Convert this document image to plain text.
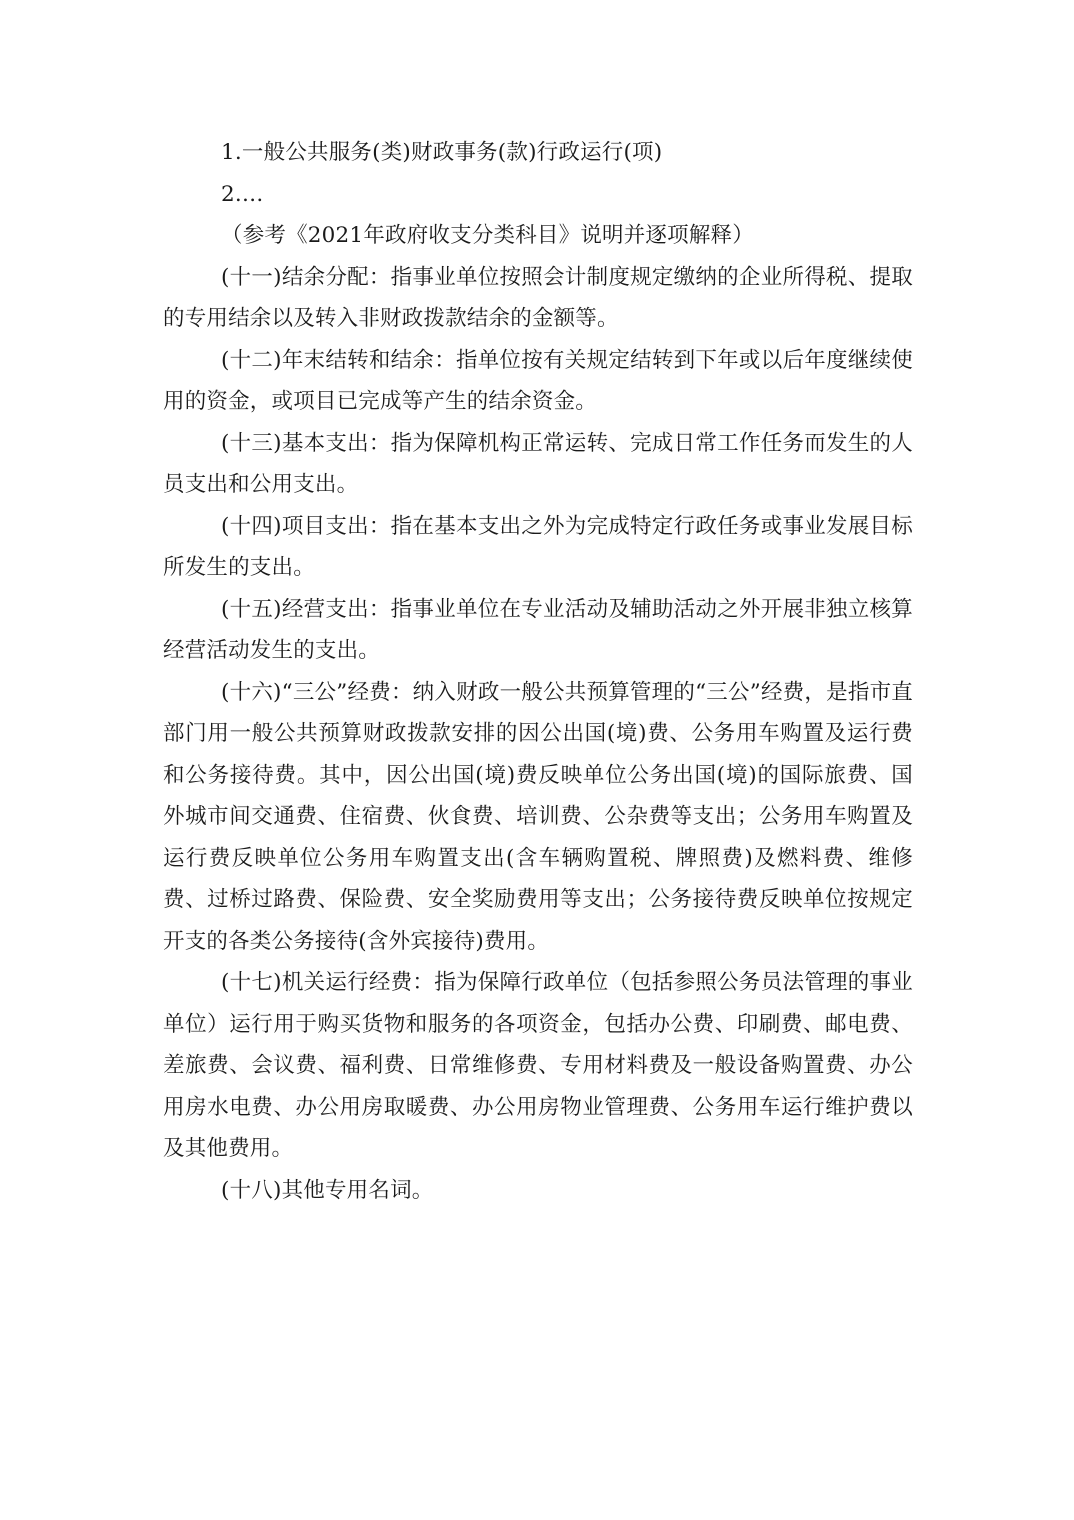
1.一般公共服务(类)财政事务(款)行政运行(项)

2.…

（参考《2021年政府收支分类科目》说明并逐项解释）

(十一)结余分配：指事业单位按照会计制度规定缴纳的企业所得税、提取的专用结余以及转入非财政拨款结余的金额等。

(十二)年末结转和结余：指单位按有关规定结转到下年或以后年度继续使用的资金，或项目已完成等产生的结余资金。

(十三)基本支出：指为保障机构正常运转、完成日常工作任务而发生的人员支出和公用支出。

(十四)项目支出：指在基本支出之外为完成特定行政任务或事业发展目标所发生的支出。

(十五)经营支出：指事业单位在专业活动及辅助活动之外开展非独立核算经营活动发生的支出。

(十六)“三公”经费：纳入财政一般公共预算管理的“三公”经费，是指市直部门用一般公共预算财政拨款安排的因公出国(境)费、公务用车购置及运行费和公务接待费。其中，因公出国(境)费反映单位公务出国(境)的国际旅费、国外城市间交通费、住宿费、伙食费、培训费、公杂费等支出；公务用车购置及运行费反映单位公务用车购置支出(含车辆购置税、牌照费)及燃料费、维修费、过桥过路费、保险费、安全奖励费用等支出；公务接待费反映单位按规定开支的各类公务接待(含外宾接待)费用。

(十七)机关运行经费：指为保障行政单位（包括参照公务员法管理的事业单位）运行用于购买货物和服务的各项资金，包括办公费、印刷费、邮电费、差旅费、会议费、福利费、日常维修费、专用材料费及一般设备购置费、办公用房水电费、办公用房取暖费、办公用房物业管理费、公务用车运行维护费以及其他费用。

(十八)其他专用名词。
